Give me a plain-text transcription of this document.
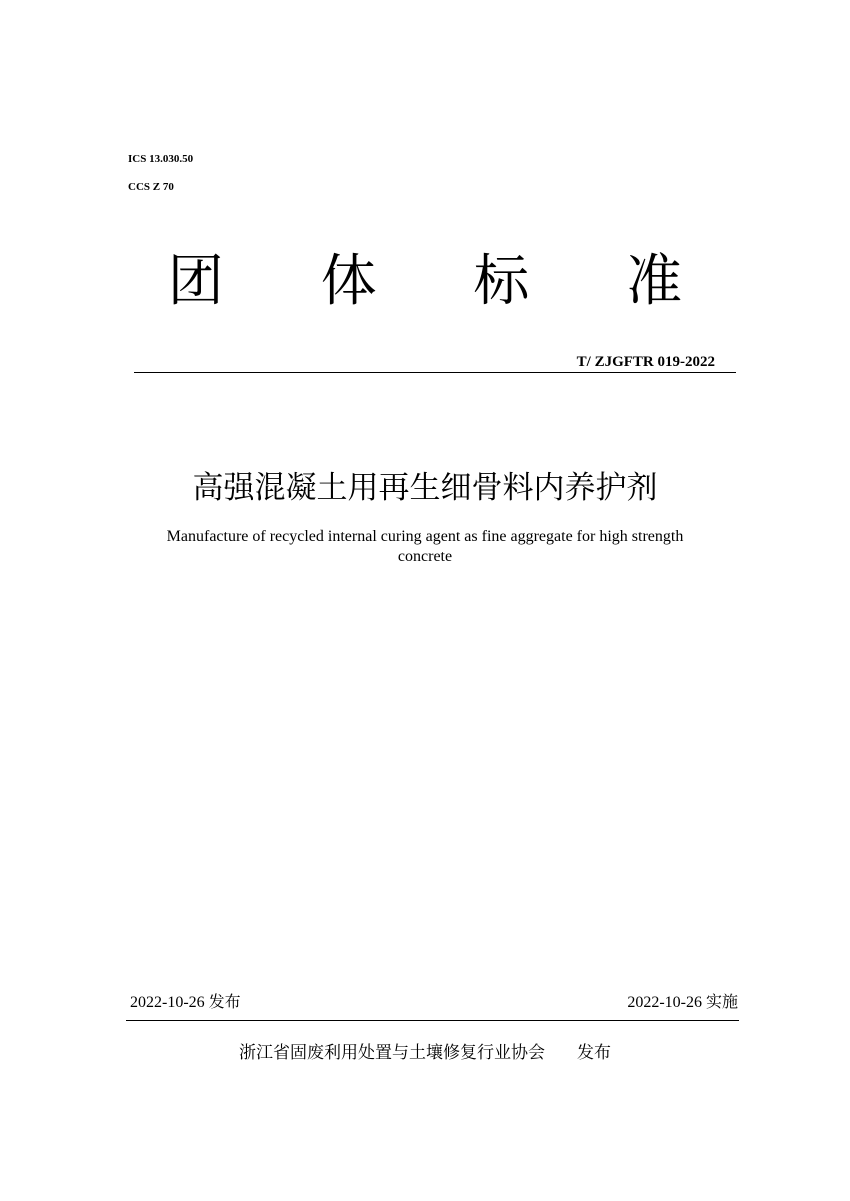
ICS 13.030.50
CCS Z 70
团 体 标 准
T/ ZJGFTR 019-2022
高强混凝土用再生细骨料内养护剂
Manufacture of recycled internal curing agent as fine aggregate for high strength concrete
2022-10-26 发布	2022-10-26 实施
浙江省固废利用处置与土壤修复行业协会 发布
